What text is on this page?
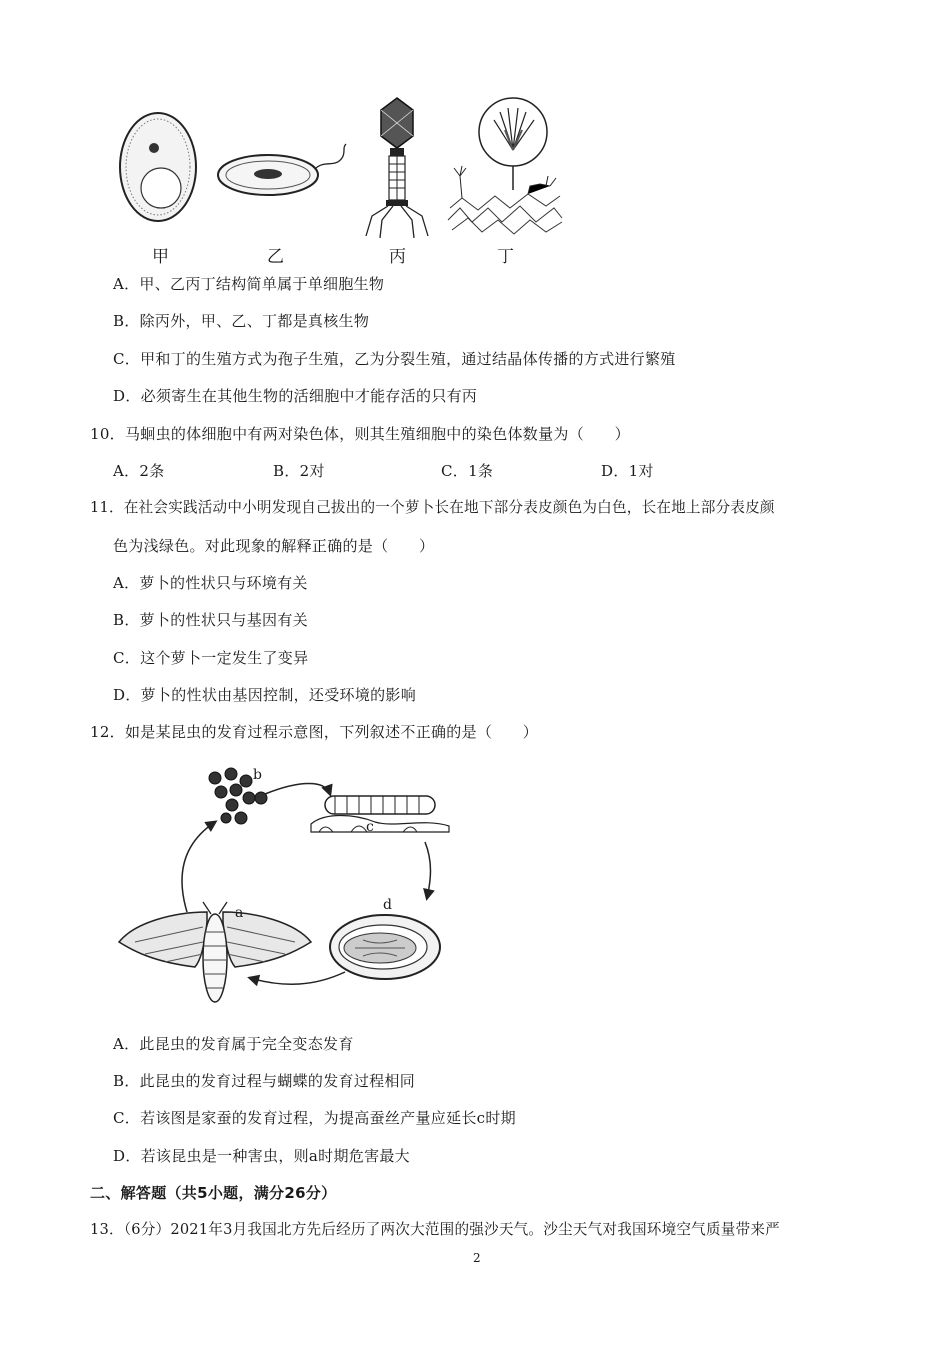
甲	乙	丙	丁
A．甲、乙丙丁结构简单属于单细胞生物
B．除丙外，甲、乙、丁都是真核生物
C．甲和丁的生殖方式为孢子生殖，乙为分裂生殖，通过结晶体传播的方式进行繁殖
D．必须寄生在其他生物的活细胞中才能存活的只有丙
10．马蛔虫的体细胞中有两对染色体，则其生殖细胞中的染色体数量为（　　）
A．2条	B．2对	C．1条	D．1对
11．在社会实践活动中小明发现自己拔出的一个萝卜长在地下部分表皮颜色为白色，长在地上部分表皮颜
色为浅绿色。对此现象的解释正确的是（　　）
A．萝卜的性状只与环境有关
B．萝卜的性状只与基因有关
C．这个萝卜一定发生了变异
D．萝卜的性状由基因控制，还受环境的影响
12．如是某昆虫的发育过程示意图，下列叙述不正确的是（　　）
a
b
c
d
A．此昆虫的发育属于完全变态发育
B．此昆虫的发育过程与蝴蝶的发育过程相同
C．若该图是家蚕的发育过程，为提高蚕丝产量应延长c时期
D．若该昆虫是一种害虫，则a时期危害最大
二、解答题（共5小题，满分26分）
13．（6分）2021年3月我国北方先后经历了两次大范围的强沙天气。沙尘天气对我国环境空气质量带来严
2
